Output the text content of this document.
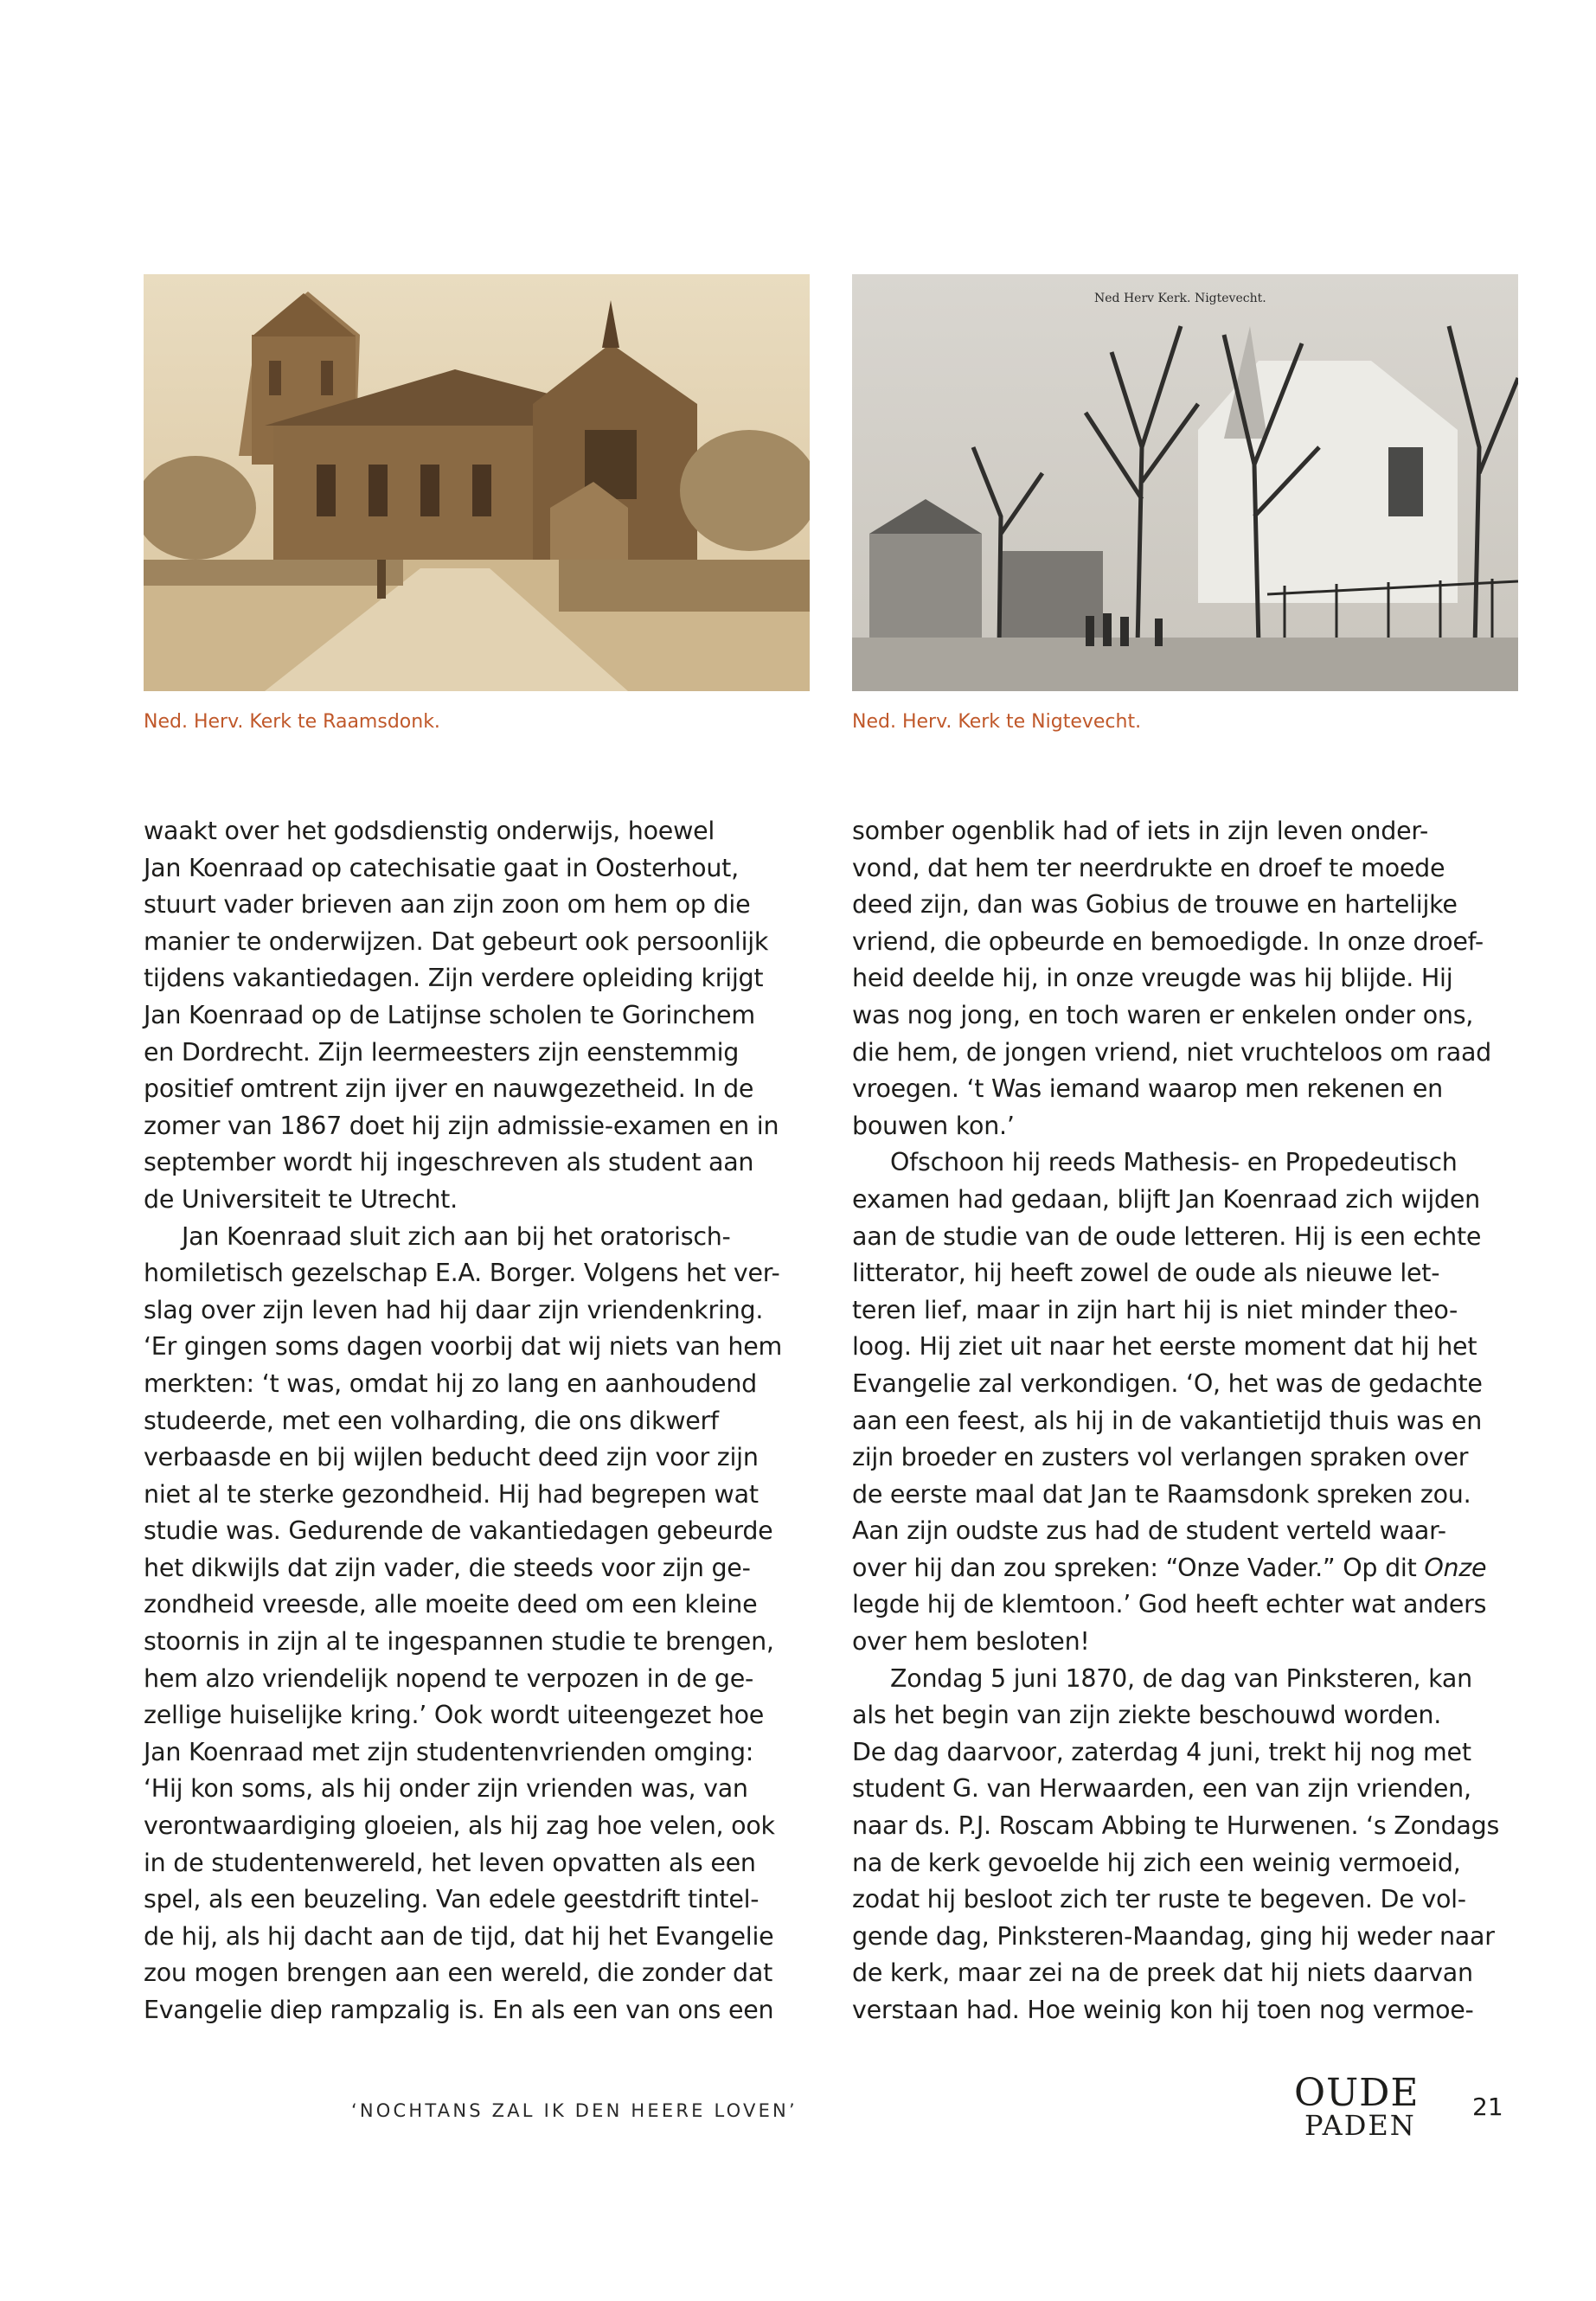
Ned Herv Kerk. Nigtevecht.
Ned. Herv. Kerk te Raamsdonk.	Ned. Herv. Kerk te Nigtevecht.
waakt over het godsdienstig onderwijs, hoewel
Jan Koenraad op catechisatie gaat in Oosterhout,
stuurt vader brieven aan zijn zoon om hem op die
manier te onderwijzen. Dat gebeurt ook persoonlijk
tijdens vakantiedagen. Zijn verdere opleiding krijgt
Jan Koenraad op de Latijnse scholen te Gorinchem
en Dordrecht. Zijn leermeesters zijn eenstemmig
positief omtrent zijn ijver en nauwgezetheid. In de
zomer van 1867 doet hij zijn admissie-examen en in
september wordt hij ingeschreven als student aan
de Universiteit te Utrecht.
Jan Koenraad sluit zich aan bij het oratorisch-
homiletisch gezelschap E.A. Borger. Volgens het ver-
slag over zijn leven had hij daar zijn vriendenkring.
‘Er gingen soms dagen voorbij dat wij niets van hem
merkten: ‘t was, omdat hij zo lang en aanhoudend
studeerde, met een volharding, die ons dikwerf
verbaasde en bij wijlen beducht deed zijn voor zijn
niet al te sterke gezondheid. Hij had begrepen wat
studie was. Gedurende de vakantiedagen gebeurde
het dikwijls dat zijn vader, die steeds voor zijn ge-
zondheid vreesde, alle moeite deed om een kleine
stoornis in zijn al te ingespannen studie te brengen,
hem alzo vriendelijk nopend te verpozen in de ge-
zellige huiselijke kring.’ Ook wordt uiteengezet hoe
Jan Koenraad met zijn studentenvrienden omging:
‘Hij kon soms, als hij onder zijn vrienden was, van
verontwaardiging gloeien, als hij zag hoe velen, ook
in de studentenwereld, het leven opvatten als een
spel, als een beuzeling. Van edele geestdrift tintel-
de hij, als hij dacht aan de tijd, dat hij het Evangelie
zou mogen brengen aan een wereld, die zonder dat
Evangelie diep rampzalig is. En als een van ons een
somber ogenblik had of iets in zijn leven onder-
vond, dat hem ter neerdrukte en droef te moede
deed zijn, dan was Gobius de trouwe en hartelijke
vriend, die opbeurde en bemoedigde. In onze droef-
heid deelde hij, in onze vreugde was hij blijde. Hij
was nog jong, en toch waren er enkelen onder ons,
die hem, de jongen vriend, niet vruchteloos om raad
vroegen. ‘t Was iemand waarop men rekenen en
bouwen kon.’
Ofschoon hij reeds Mathesis- en Propedeutisch
examen had gedaan, blijft Jan Koenraad zich wijden
aan de studie van de oude letteren. Hij is een echte
litterator, hij heeft zowel de oude als nieuwe let-
teren lief, maar in zijn hart hij is niet minder theo-
loog. Hij ziet uit naar het eerste moment dat hij het
Evangelie zal verkondigen. ‘O, het was de gedachte
aan een feest, als hij in de vakantietijd thuis was en
zijn broeder en zusters vol verlangen spraken over
de eerste maal dat Jan te Raamsdonk spreken zou.
Aan zijn oudste zus had de student verteld waar-
over hij dan zou spreken: “Onze Vader.” Op dit Onze
legde hij de klemtoon.’ God heeft echter wat anders
over hem besloten!
Zondag 5 juni 1870, de dag van Pinksteren, kan
als het begin van zijn ziekte beschouwd worden.
De dag daarvoor, zaterdag 4 juni, trekt hij nog met
student G. van Herwaarden, een van zijn vrienden,
naar ds. P.J. Roscam Abbing te Hurwenen. ‘s Zondags
na de kerk gevoelde hij zich een weinig vermoeid,
zodat hij besloot zich ter ruste te begeven. De vol-
gende dag, Pinksteren-Maandag, ging hij weder naar
de kerk, maar zei na de preek dat hij niets daarvan
verstaan had. Hoe weinig kon hij toen nog vermoe-
‘NOCHTANS ZAL IK DEN HEERE LOVEN’	OUDE
PADEN
21
